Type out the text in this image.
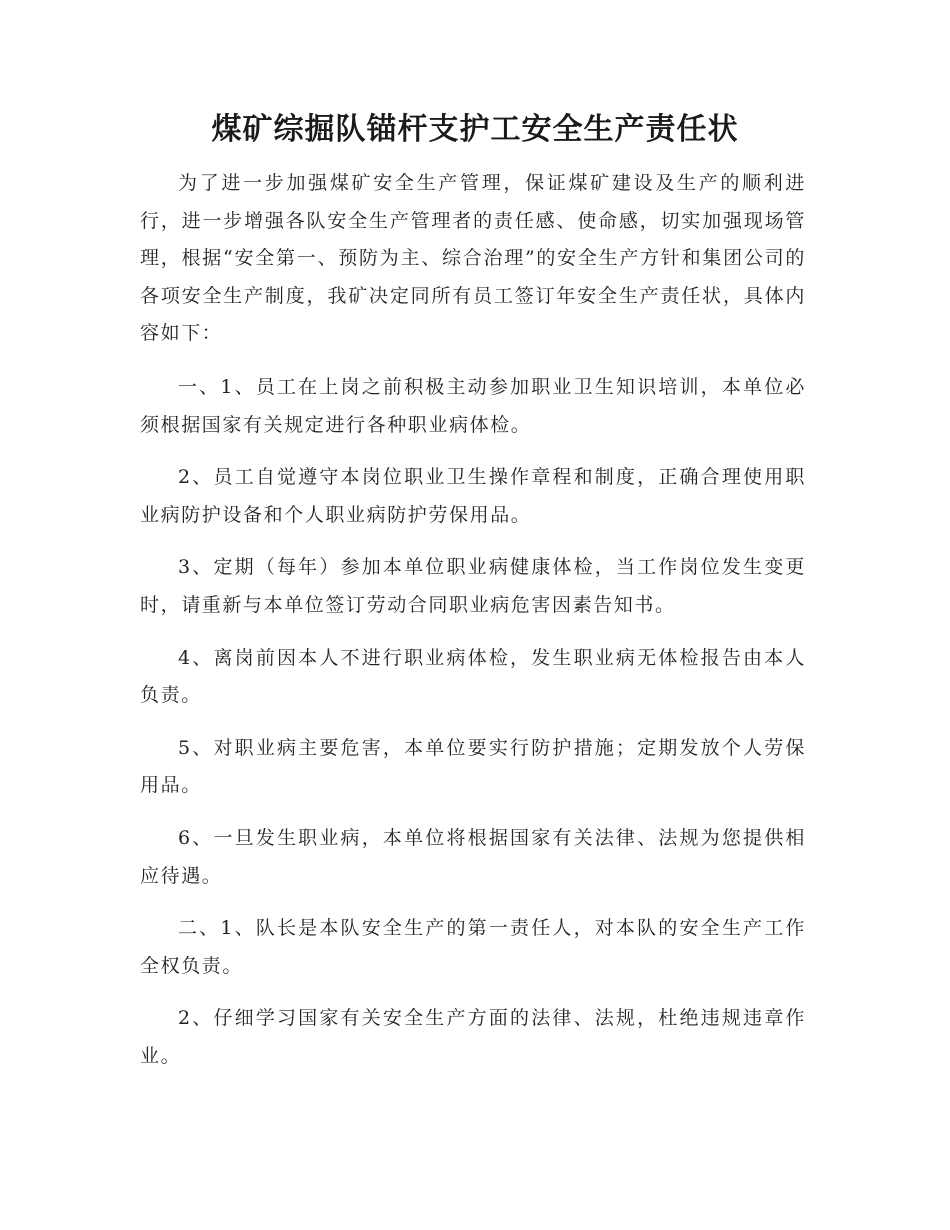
煤矿综掘队锚杆支护工安全生产责任状

为了进一步加强煤矿安全生产管理，保证煤矿建设及生产的顺利进行，进一步增强各队安全生产管理者的责任感、使命感，切实加强现场管理，根据“安全第一、预防为主、综合治理”的安全生产方针和集团公司的各项安全生产制度，我矿决定同所有员工签订年安全生产责任状，具体内容如下：

一、1、员工在上岗之前积极主动参加职业卫生知识培训，本单位必须根据国家有关规定进行各种职业病体检。

2、员工自觉遵守本岗位职业卫生操作章程和制度，正确合理使用职业病防护设备和个人职业病防护劳保用品。

3、定期（每年）参加本单位职业病健康体检，当工作岗位发生变更时，请重新与本单位签订劳动合同职业病危害因素告知书。

4、离岗前因本人不进行职业病体检，发生职业病无体检报告由本人负责。

5、对职业病主要危害，本单位要实行防护措施；定期发放个人劳保用品。

6、一旦发生职业病，本单位将根据国家有关法律、法规为您提供相应待遇。

二、1、队长是本队安全生产的第一责任人，对本队的安全生产工作全权负责。

2、仔细学习国家有关安全生产方面的法律、法规，杜绝违规违章作业。
